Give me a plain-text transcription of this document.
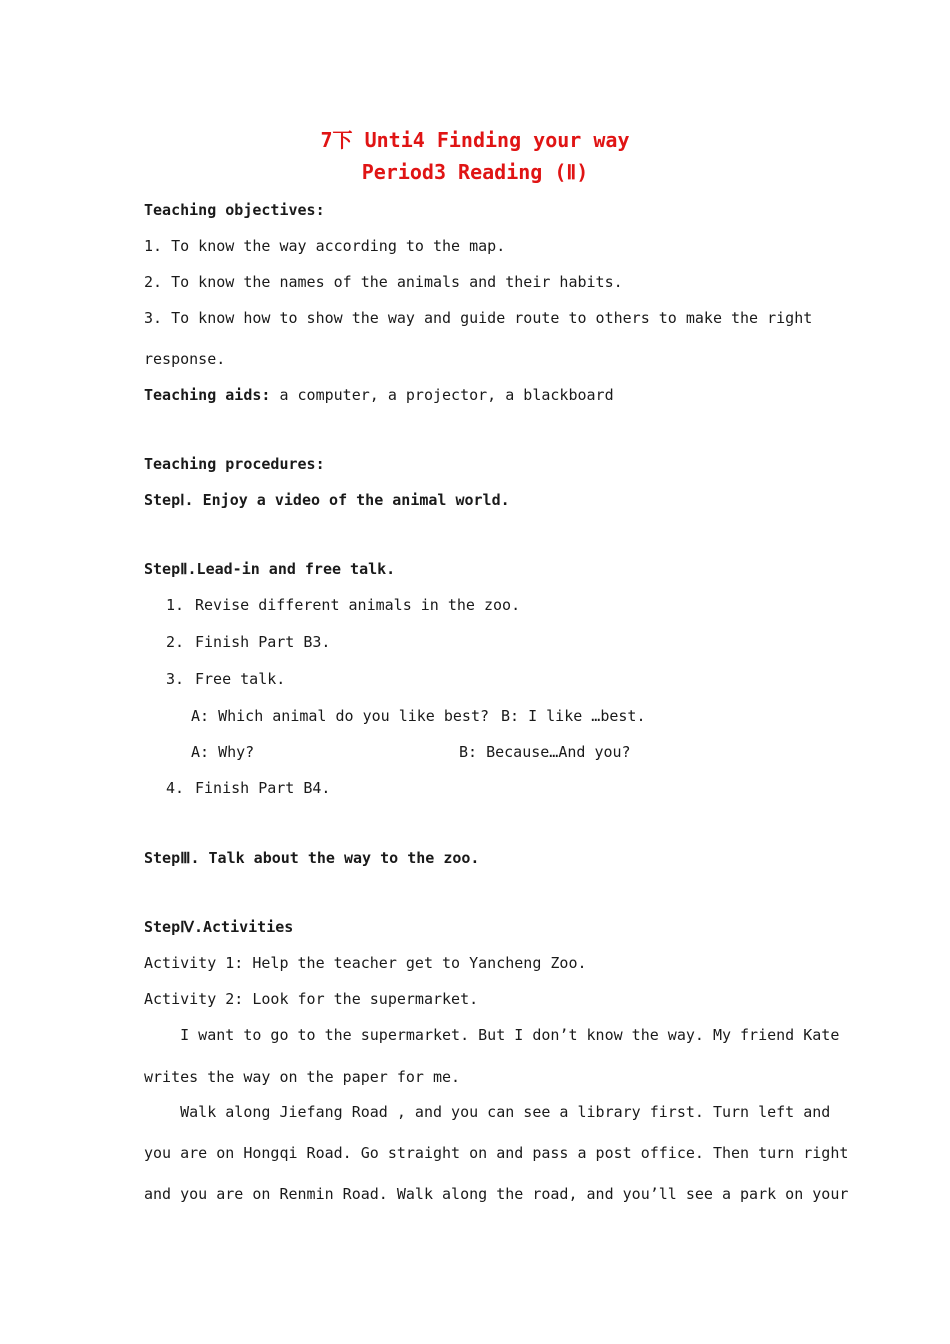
7下 Unti4 Finding your way
Period3 Reading (Ⅱ)
Teaching objectives:
1. To know the way according to the map.
2. To know the names of the animals and their habits.
3. To know how to show the way and guide route to others to make the right
response.
Teaching aids: a computer, a projector, a blackboard
Teaching procedures:
StepⅠ. Enjoy a video of the animal world.
StepⅡ.Lead-in and free talk.
1. Revise different animals in the zoo.
2. Finish Part B3.
3. Free talk.
A: Which animal do you like best? B: I like …best.
A: Why?	B: Because…And you?
4. Finish Part B4.
StepⅢ. Talk about the way to the zoo.
StepⅣ.Activities
Activity 1: Help the teacher get to Yancheng Zoo.
Activity 2: Look for the supermarket.
I want to go to the supermarket. But I don’t know the way. My friend Kate
writes the way on the paper for me.
Walk along Jiefang Road , and you can see a library first. Turn left and
you are on Hongqi Road. Go straight on and pass a post office. Then turn right
and you are on Renmin Road. Walk along the road, and you’ll see a park on your
